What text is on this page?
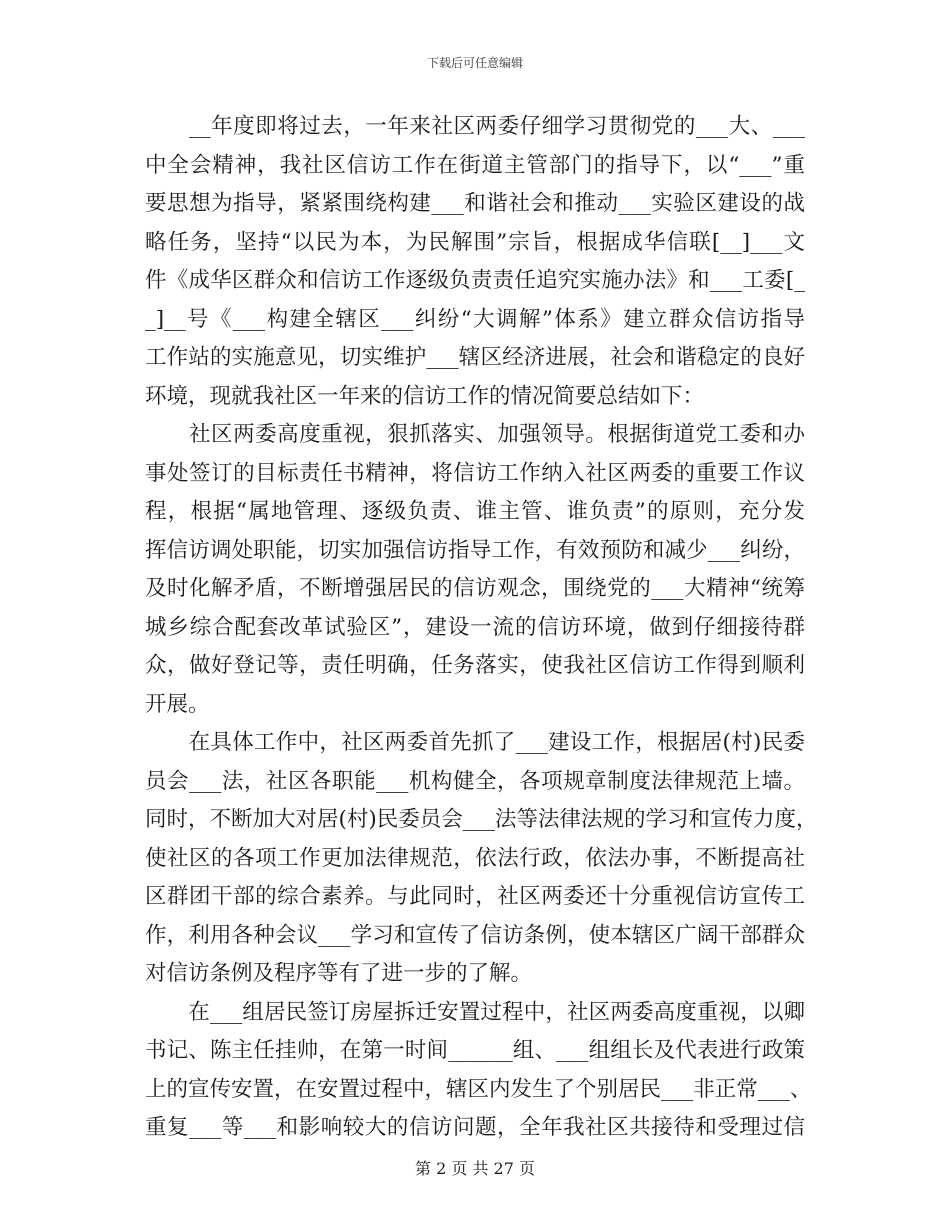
下载后可任意编辑

　　__年度即将过去，一年来社区两委仔细学习贯彻党的___大、___
中全会精神，我社区信访工作在街道主管部门的指导下，以“___”重
要思想为指导，紧紧围绕构建___和谐社会和推动___实验区建设的战
略任务，坚持“以民为本，为民解围”宗旨，根据成华信联[__]___文
件《成华区群众和信访工作逐级负责责任追究实施办法》和___工委[_
_]__号《___构建全辖区___纠纷“大调解”体系》建立群众信访指导
工作站的实施意见，切实维护___辖区经济进展，社会和谐稳定的良好
环境，现就我社区一年来的信访工作的情况简要总结如下：

　　社区两委高度重视，狠抓落实、加强领导。根据街道党工委和办
事处签订的目标责任书精神，将信访工作纳入社区两委的重要工作议
程，根据“属地管理、逐级负责、谁主管、谁负责”的原则，充分发
挥信访调处职能，切实加强信访指导工作，有效预防和减少___纠纷，
及时化解矛盾，不断增强居民的信访观念，围绕党的___大精神“统筹
城乡综合配套改革试验区”，建设一流的信访环境，做到仔细接待群
众，做好登记等，责任明确，任务落实，使我社区信访工作得到顺利
开展。

　　在具体工作中，社区两委首先抓了___建设工作，根据居(村)民委
员会___法，社区各职能___机构健全，各项规章制度法律规范上墙。
同时，不断加大对居(村)民委员会___法等法律法规的学习和宣传力度，
使社区的各项工作更加法律规范，依法行政，依法办事，不断提高社
区群团干部的综合素养。与此同时，社区两委还十分重视信访宣传工
作，利用各种会议___学习和宣传了信访条例，使本辖区广阔干部群众
对信访条例及程序等有了进一步的了解。

　　在___组居民签订房屋拆迁安置过程中，社区两委高度重视，以卿
书记、陈主任挂帅，在第一时间______组、___组组长及代表进行政策
上的宣传安置，在安置过程中，辖区内发生了个别居民___非正常___、
重复___等___和影响较大的信访问题，全年我社区共接待和受理过信

第 2 页 共 27 页
